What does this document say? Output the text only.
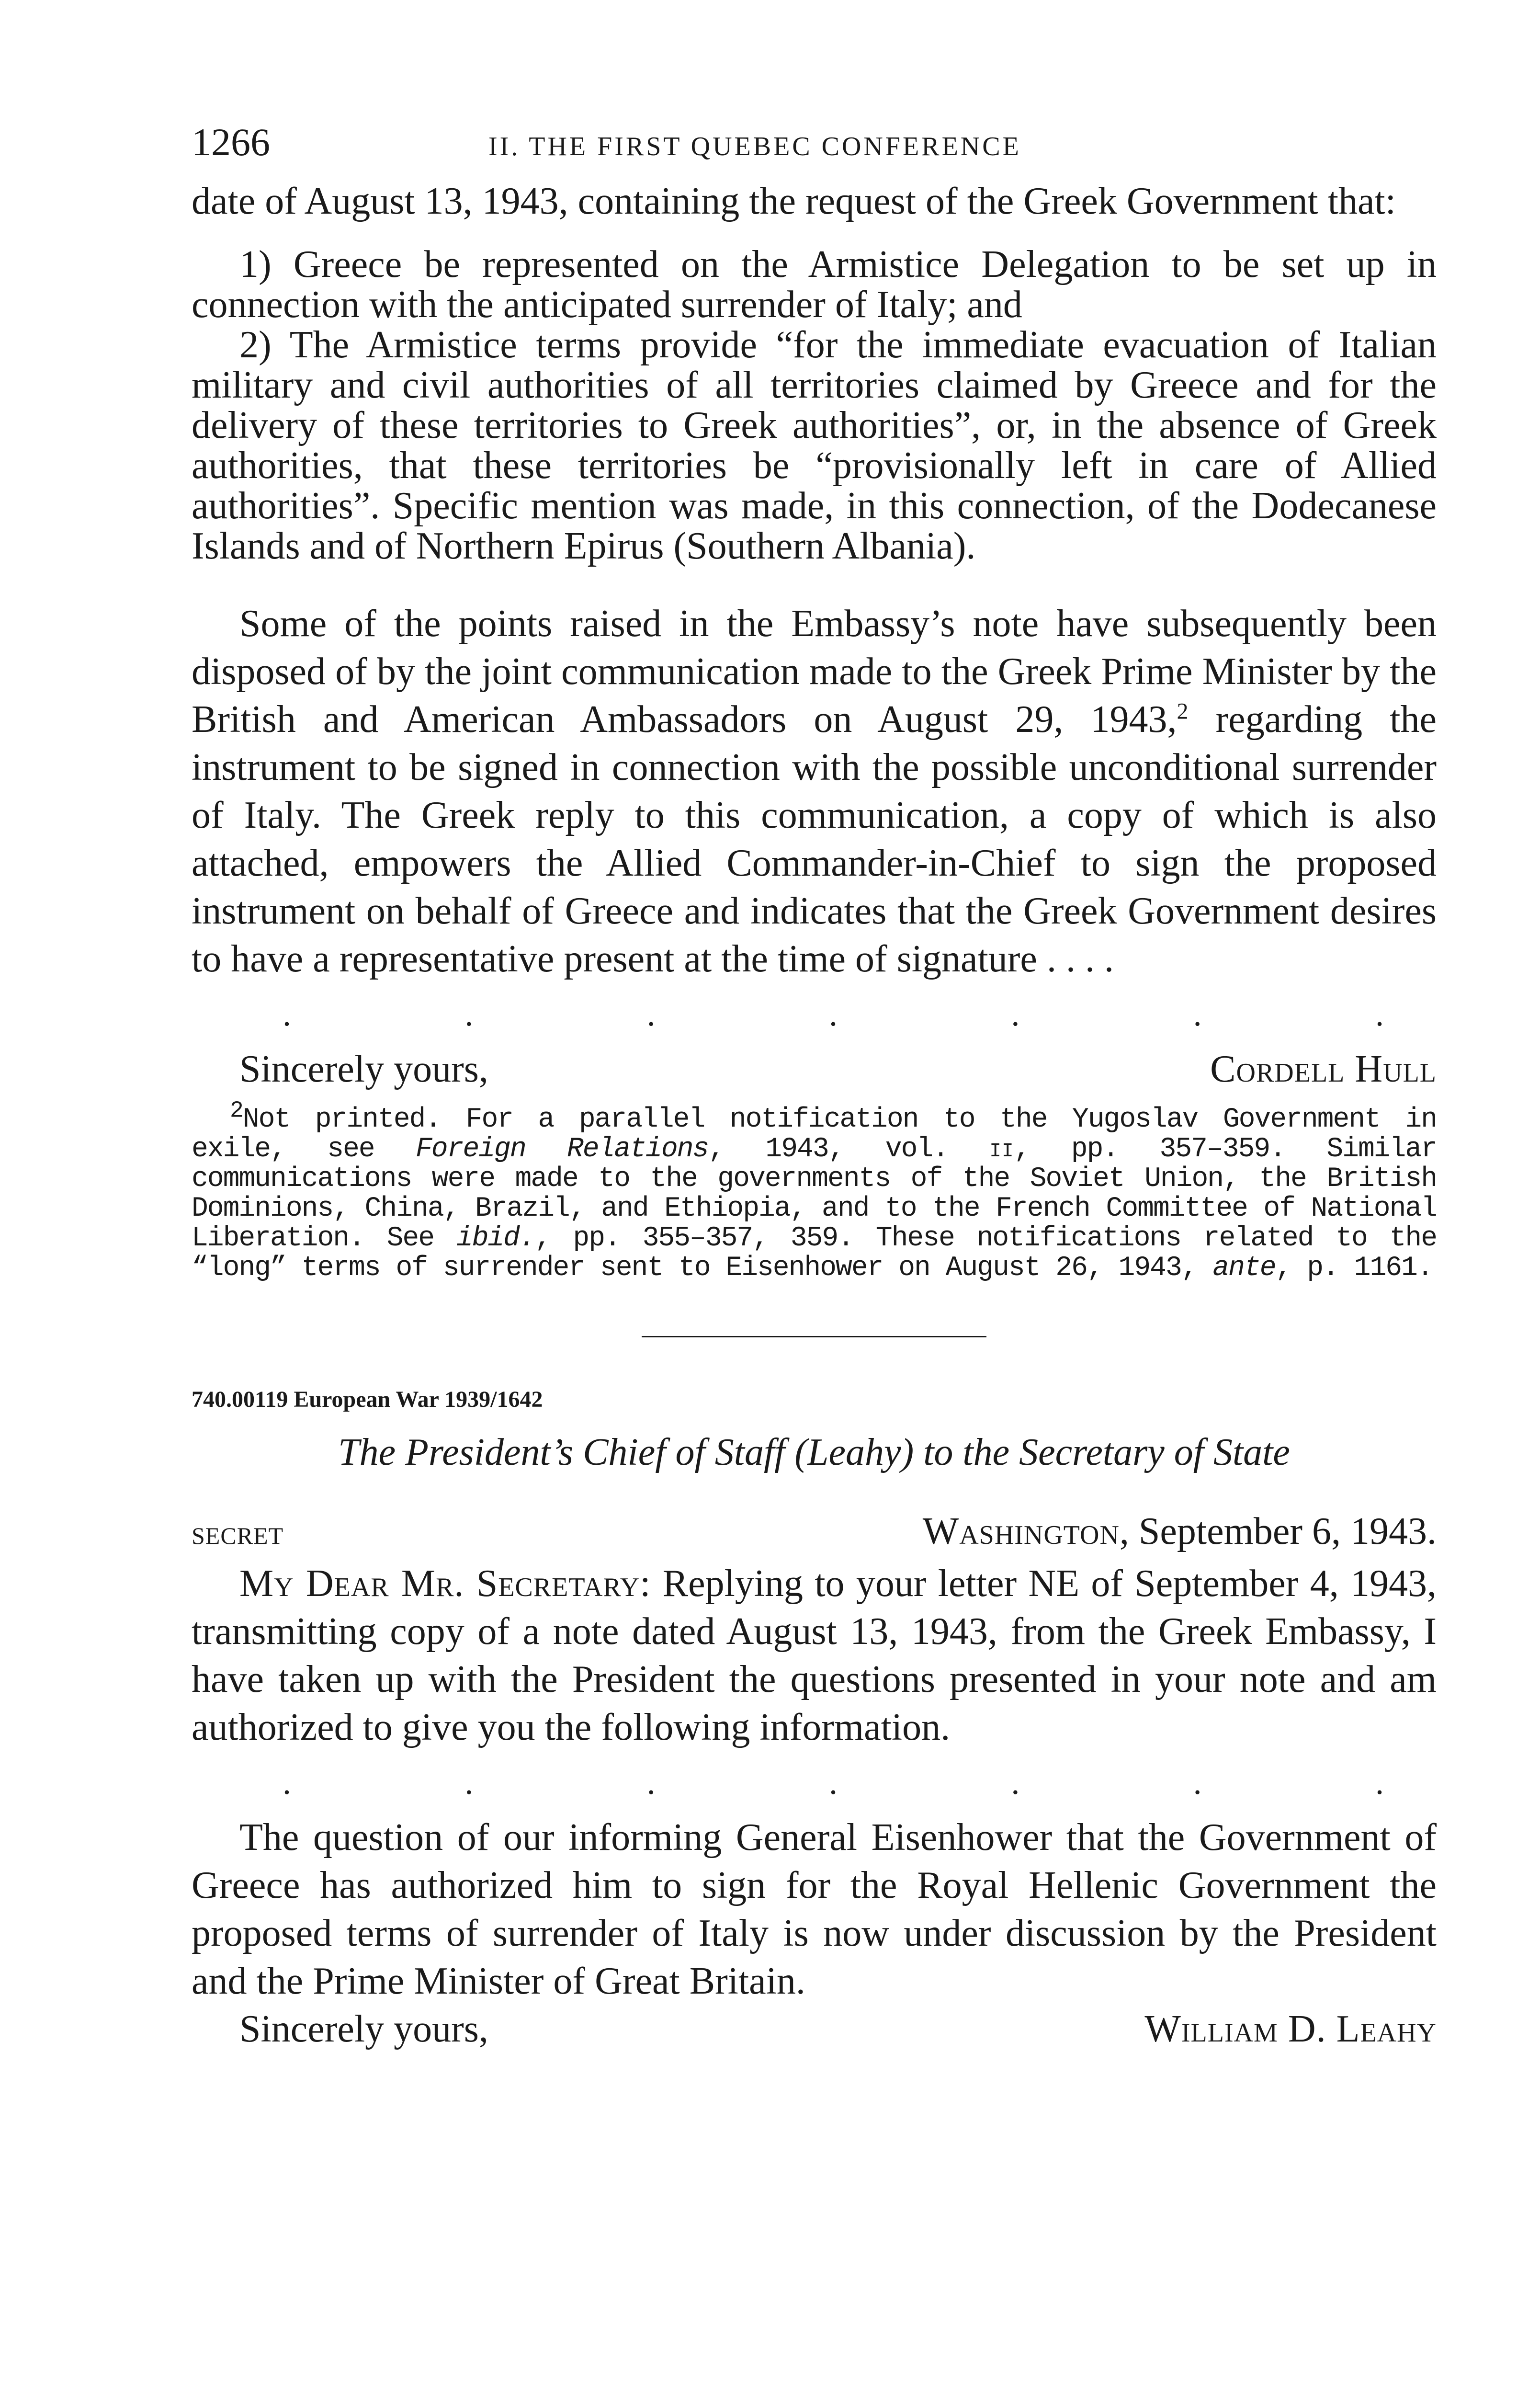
1266	II. THE FIRST QUEBEC CONFERENCE

date of August 13, 1943, containing the request of the Greek Government that:

1) Greece be represented on the Armistice Delegation to be set up in connection with the anticipated surrender of Italy; and

2) The Armistice terms provide “for the immediate evacuation of Italian military and civil authorities of all territories claimed by Greece and for the delivery of these territories to Greek authorities”, or, in the absence of Greek authorities, that these territories be “provisionally left in care of Allied authorities”. Specific mention was made, in this connection, of the Dodecanese Islands and of Northern Epirus (Southern Albania).

Some of the points raised in the Embassy’s note have subsequently been disposed of by the joint communication made to the Greek Prime Minister by the British and American Ambassadors on August 29, 1943,$^2$ regarding the instrument to be signed in connection with the possible unconditional surrender of Italy. The Greek reply to this communication, a copy of which is also attached, empowers the Allied Commander-in-Chief to sign the proposed instrument on behalf of Greece and indicates that the Greek Government desires to have a representative present at the time of signature . . . .

.	.	.	.	.	.	.
Sincerely yours,	Cordell Hull

$^2$Not printed. For a parallel notification to the Yugoslav Government in exile, see Foreign Relations, 1943, vol. ii, pp. 357–359. Similar communications were made to the governments of the Soviet Union, the British Dominions, China, Brazil, and Ethiopia, and to the French Committee of National Liberation. See ibid., pp. 355–357, 359. These notifications related to the “long” terms of surrender sent to Eisenhower on August 26, 1943, ante, p. 1161.

740.00119 European War 1939/1642
The President’s Chief of Staff (Leahy) to the Secretary of State
SECRET	Washington, September 6, 1943.

My Dear Mr. Secretary: Replying to your letter NE of September 4, 1943, transmitting copy of a note dated August 13, 1943, from the Greek Embassy, I have taken up with the President the questions presented in your note and am authorized to give you the following information.

.	.	.	.	.	.	.

The question of our informing General Eisenhower that the Government of Greece has authorized him to sign for the Royal Hellenic Government the proposed terms of surrender of Italy is now under discussion by the President and the Prime Minister of Great Britain.

Sincerely yours,	William D. Leahy
